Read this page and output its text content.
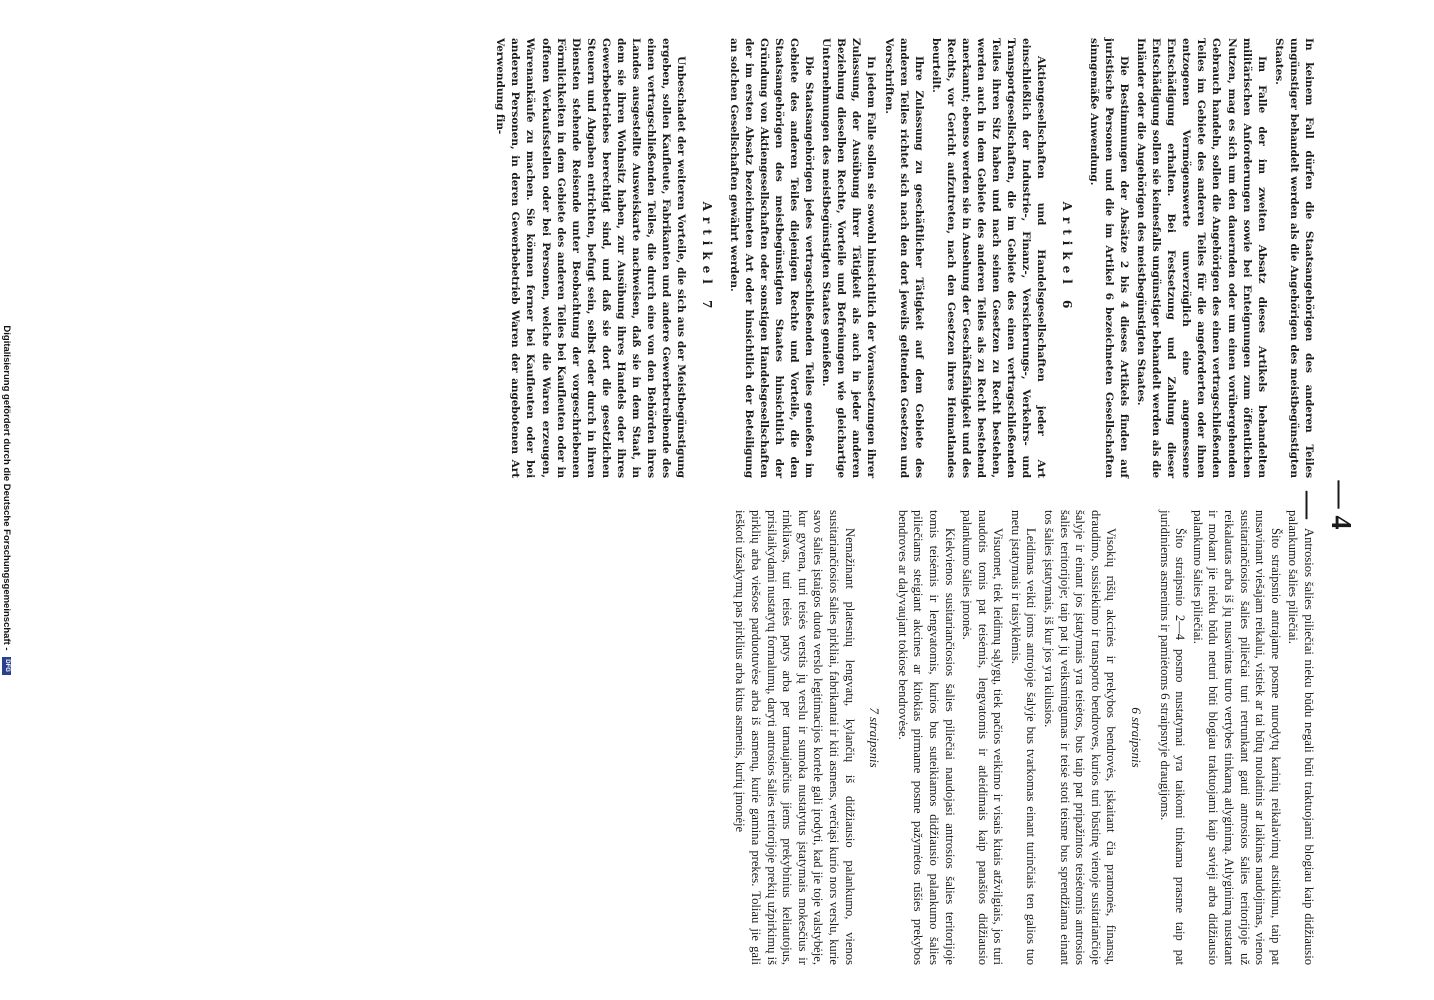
— 4 —

In keinem Fall dürfen die Staatsangehörigen des anderen Teiles ungünstiger behandelt werden als die Angehörigen des meistbegünstigten Staates.

Im Falle der im zweiten Absatz dieses Artikels behandelten militärischen Anforderungen sowie bei Enteignungen zum öffentlichen Nutzen, mag es sich um den dauernden oder um einen vorübergehenden Gebrauch handeln, sollen die Angehörigen des einen vertragschließenden Teiles im Gebiete des anderen Teiles für die angeforderten oder ihnen entzogenen Vermögenswerte unverzüglich eine angemessene Entschädigung erhalten. Bei Festsetzung und Zahlung dieser Entschädigung sollen sie keinesfalls ungünstiger behandelt werden als die Inländer oder die Angehörigen des meistbegünstigten Staates.

Die Bestimmungen der Absätze 2 bis 4 dieses Artikels finden auf juristische Personen und die im Artikel 6 bezeichneten Gesellschaften sinngemäße Anwendung.

Artikel 6

Aktiengesellschaften und Handelsgesellschaften jeder Art einschließlich der Industrie-, Finanz-, Versicherungs-, Verkehrs- und Transportgesellschaften, die im Gebiete des einen vertragschließenden Teiles ihren Sitz haben und nach seinen Gesetzen zu Recht bestehen, werden auch in dem Gebiete des anderen Teiles als zu Recht bestehend anerkannt; ebenso werden sie in Ansehung der Geschäftsfähigkeit und des Rechts, vor Gericht aufzutreten, nach den Gesetzen ihres Heimatlandes beurteilt.

Ihre Zulassung zu geschäftlicher Tätigkeit auf dem Gebiete des anderen Teiles richtet sich nach den dort jeweils geltenden Gesetzen und Vorschriften.

In jedem Falle sollen sie sowohl hinsichtlich der Voraussetzungen ihrer Zulassung, der Ausübung ihrer Tätigkeit als auch in jeder anderen Beziehung dieselben Rechte, Vorteile und Befreiungen wie gleichartige Unternehmungen des meistbegünstigten Staates genießen.

Die Staatsangehörigen jedes vertragschließenden Teiles genießen im Gebiete des anderen Teiles diejenigen Rechte und Vorteile, die den Staatsangehörigen des meistbegünstigten Staates hinsichtlich der Gründung von Aktiengesellschaften oder sonstigen Handelsgesellschaften der im ersten Absatz bezeichneten Art oder hinsichtlich der Beteiligung an solchen Gesellschaften gewährt werden.

Artikel 7

Unbeschadet der weiteren Vorteile, die sich aus der Meistbegünstigung ergeben, sollen Kaufleute, Fabrikanten und andere Gewerbetreibende des einen vertragschließenden Teiles, die durch eine von den Behörden ihres Landes ausgestellte Ausweiskarte nachweisen, daß sie in dem Staat, in dem sie ihren Wohnsitz haben, zur Ausübung ihres Handels oder ihres Gewerbebetriebes berechtigt sind, und daß sie dort die gesetzlichen Steuern und Abgaben entrichten, befugt sein, selbst oder durch in ihren Diensten stehende Reisende unter Beobachtung der vorgeschriebenen Förmlichkeiten in dem Gebiete des anderen Teiles bei Kaufleuten oder in offenen Verkaufsstellen oder bei Personen, welche die Waren erzeugen, Warenankäufe zu machen. Sie können ferner bei Kaufleuten oder bei anderen Personen, in deren Gewerbebetrieb Waren der angebotenen Art Verwendung fin-

Antrosios šalies piliečiai nieku būdu negali būti traktuojami blogiau kaip didžiausio palankumo šalies piliečiai.

Šito straipsnio antrajame posme nurodytų karinių reikalavimų atsitikimu, taip pat nusavinant viešajam reikalui, vistiek ar tai būtų nuolatinis ar laikinas naudojimas, vienos susitariančiosios šalies piliečiai turi retrunkant gauti antrosios šalies teritorijoje už reikalautas arba iš jų nusavintas turto vertybes tinkamą atlyginimą. Atlyginimą nustatant ir mokant jie nieku būdu neturi būti blogiau traktuojami kaip savieji arba didžiausio palankumo šalies piliečiai.

Šito straipsnio 2—4 posmo nustatymai yra taikomi tinkama prasme taip pat juridiniems asmenims ir pamiėtoms 6 straipsnyje draugijoms.

6 straipsnis

Visokių rūšių akcinės ir prekybos bendrovės, įskaitant čia pramonės, finansų, draudimo, susisiekimo ir transporto bendroves, kurios turi būstinę vienoje susitariančioje šalyje ir einant jos įstatymais yra teisėtos, bus taip pat pripažintos teisėtomis antrosios šalies teritorijoje; taip pat jų veiksmingumas ir teisė stoti teisme bus sprendžiama einant tos šalies įstatymais, iš kur jos yra kilusios.

Leidimas veikti joms antrojoje šalyje bus tvarkomas einant turinčiais ten galios tuo metu įstatymais ir taisyklėmis.

Visuomet, tiek leidimų sąlygų, tiek pačios veikimo ir visais kitais atžvilgiais, jos turi naudotis tomis pat teisėmis, lengvatomis ir atleidimais kaip panašios didžiausio palankumo šalies įmonės.

Kiekvienos susitariančiosios šalies piliečiai naudojasi antrosios šalies teritorijoje tomis teisėmis ir lengvatomis, kurios bus suteikiamos didžiausio palankumo šalies piliečiams steigiant akcines ar kitokias pirmame posme pažymėtos rūšies prekybos bendroves ar dalyvaujant tokiose bendrovėse.

7 straipsnis

Nemažinant platesnių lengvatų, kylančių iš didžiausio palankumo, vienos susitariančiosios šalies pirkliai, fabrikantai ir kiti asmens, verčiąsi kurio nors verslu, kurie savo šalies įstaigos duota verslo legitimacijos kortele gali įrodyti, kad jie toje valstybėje, kur gyvena, turi teisės verstis jų verslu ir sumoka nustatytus įstatymais mokesčius ir rinkliavas, turi teisės patys arba per tarnaujančius jiems prekybinius keliautojus, prisilaikydami nustatytų formalumų, daryti antrosios šalies teritorijoje prekių užpirkimų iš pirklių arba viešose parduotuvėse arba iš asmenų, kurie gamina prekes. Toliau jie gali ieškoti užsakymų pas pirklius arba kitus asmenis, kurių įmonėje

Digitalisierung gefördert durch die Deutsche Forschungsgemeinschaft -
DFG
